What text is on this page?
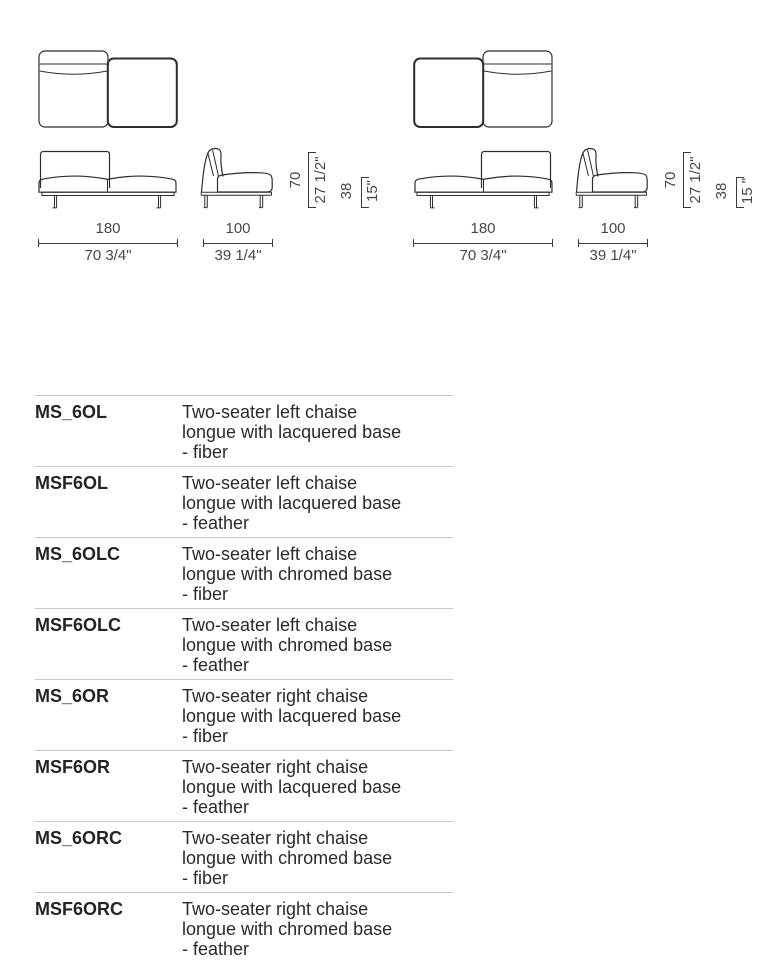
70 27 1/2" 38 15"
180
70 3/4"
100
39 1/4"
70 27 1/2" 38 15 "
180
70 3/4"
100
39 1/4"
MS_6OL	Two-seater left chaise
longue with lacquered base
- fiber
MSF6OL	Two-seater left chaise
longue with lacquered base
- feather
MS_6OLC	Two-seater left chaise
longue with chromed base
- fiber
MSF6OLC	Two-seater left chaise
longue with chromed base
- feather
MS_6OR	Two-seater right chaise
longue with lacquered base
- fiber
MSF6OR	Two-seater right chaise
longue with lacquered base
- feather
MS_6ORC	Two-seater right chaise
longue with chromed base
- fiber
MSF6ORC	Two-seater right chaise
longue with chromed base
- feather
